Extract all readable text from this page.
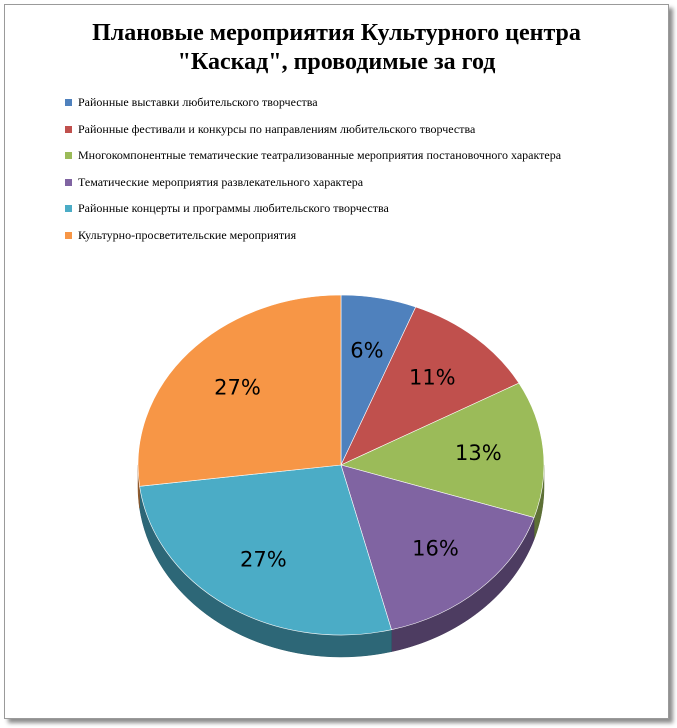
Плановые мероприятия Культурного центра
"Каскад", проводимые за год
Районные выставки любительского творчества
Районные фестивали и конкурсы по направлениям любительского творчества
Многокомпонентные тематические театрализованные мероприятия постановочного характера
Тематические мероприятия развлекательного характера
Районные концерты и программы любительского творчества
Культурно-просветительские мероприятия
6%
11%
13%
16%
27%
27%
